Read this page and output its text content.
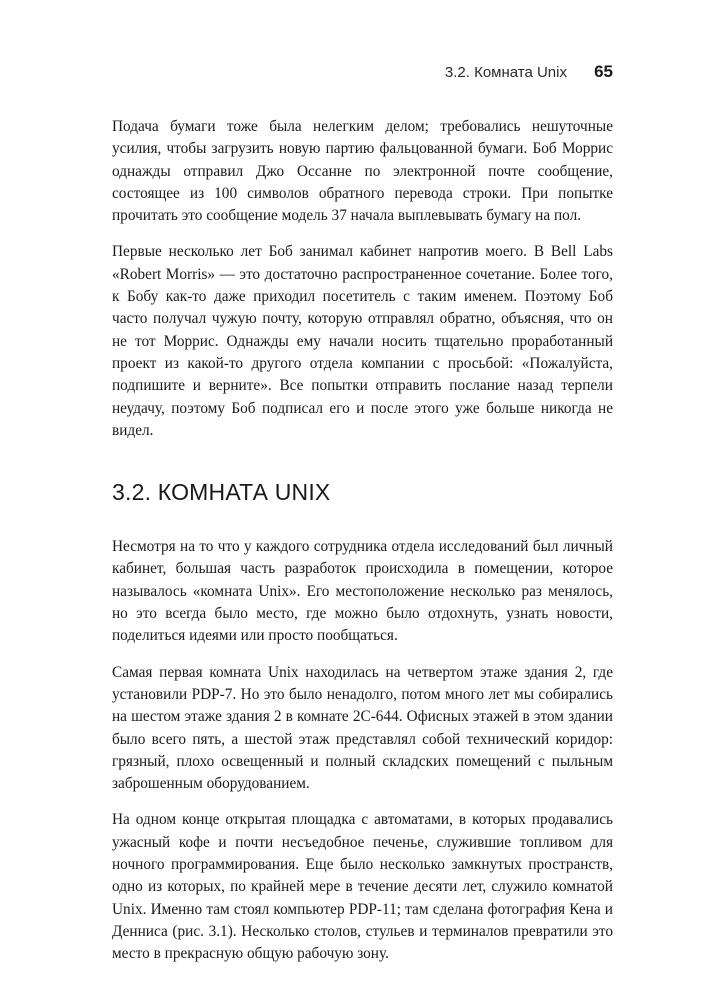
3.2. Комната Unix 65

Подача бумаги тоже была нелегким делом; требовались нешуточные усилия, чтобы загрузить новую партию фальцованной бумаги. Боб Моррис однажды отправил Джо Оссанне по электронной почте сообщение, состоящее из 100 символов обратного перевода строки. При попытке прочитать это сообщение модель 37 начала выплевывать бумагу на пол.

Первые несколько лет Боб занимал кабинет напротив моего. В Bell Labs «Robert Morris» — это достаточно распространенное сочетание. Более того, к Бобу как-то даже приходил посетитель с таким именем. Поэтому Боб часто получал чужую почту, которую отправлял обратно, объясняя, что он не тот Моррис. Однажды ему начали носить тщательно проработанный проект из какой-то другого отдела компании с просьбой: «Пожалуйста, подпишите и верните». Все попытки отправить послание назад терпели неудачу, поэтому Боб подписал его и после этого уже больше никогда не видел.

3.2. КОМНАТА UNIX

Несмотря на то что у каждого сотрудника отдела исследований был личный кабинет, большая часть разработок происходила в помещении, которое называлось «комната Unix». Его местоположение несколько раз менялось, но это всегда было место, где можно было отдохнуть, узнать новости, поделиться идеями или просто пообщаться.

Самая первая комната Unix находилась на четвертом этаже здания 2, где установили PDP-7. Но это было ненадолго, потом много лет мы собирались на шестом этаже здания 2 в комнате 2C-644. Офисных этажей в этом здании было всего пять, а шестой этаж представлял собой технический коридор: грязный, плохо освещенный и полный складских помещений с пыльным заброшенным оборудованием.

На одном конце открытая площадка с автоматами, в которых продавались ужасный кофе и почти несъедобное печенье, служившие топливом для ночного программирования. Еще было несколько замкнутых пространств, одно из которых, по крайней мере в течение десяти лет, служило комнатой Unix. Именно там стоял компьютер PDP-11; там сделана фотография Кена и Денниса (рис. 3.1). Несколько столов, стульев и терминалов превратили это место в прекрасную общую рабочую зону.
